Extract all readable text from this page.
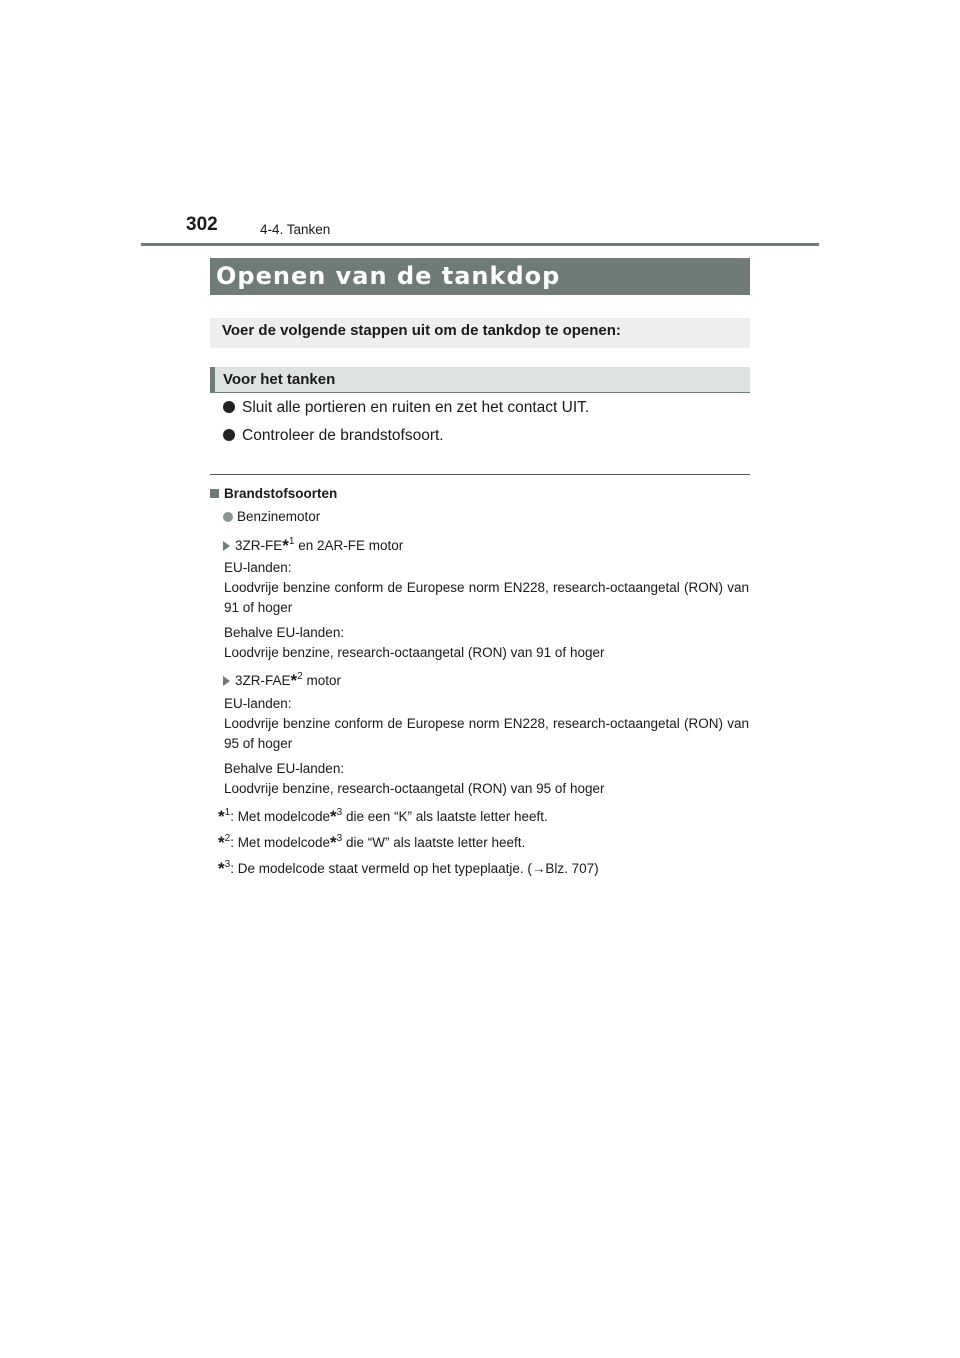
302	4-4. Tanken
Openen van de tankdop
Voer de volgende stappen uit om de tankdop te openen:
Voor het tanken
Sluit alle portieren en ruiten en zet het contact UIT.
Controleer de brandstofsoort.
Brandstofsoorten
Benzinemotor
3ZR-FE*$^1$ en 2AR-FE motor
EU-landen:
Loodvrije benzine conform de Europese norm EN228, research-octaangetal (RON) van 91 of hoger
Behalve EU-landen:
Loodvrije benzine, research-octaangetal (RON) van 91 of hoger
3ZR-FAE*$^2$ motor
EU-landen:
Loodvrije benzine conform de Europese norm EN228, research-octaangetal (RON) van 95 of hoger
Behalve EU-landen:
Loodvrije benzine, research-octaangetal (RON) van 95 of hoger
*$^1$: Met modelcode*$^3$ die een “K” als laatste letter heeft.
*$^2$: Met modelcode*$^3$ die “W” als laatste letter heeft.
*$^3$: De modelcode staat vermeld op het typeplaatje. (→Blz. 707)
